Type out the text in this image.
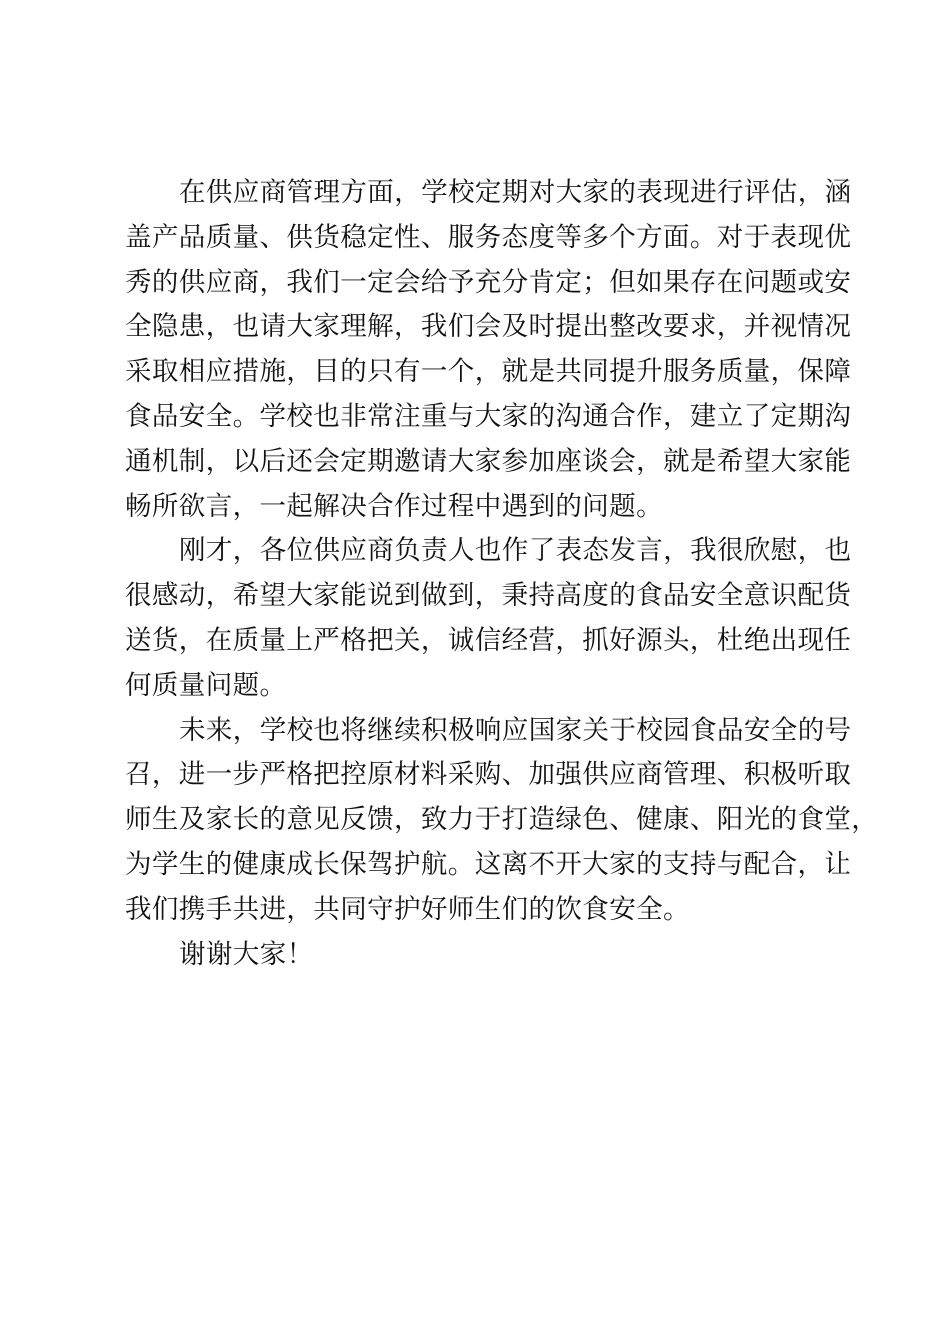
在供应商管理方面，学校定期对大家的表现进行评估，涵
盖产品质量、供货稳定性、服务态度等多个方面。对于表现优
秀的供应商，我们一定会给予充分肯定；但如果存在问题或安
全隐患，也请大家理解，我们会及时提出整改要求，并视情况
采取相应措施，目的只有一个，就是共同提升服务质量，保障
食品安全。学校也非常注重与大家的沟通合作，建立了定期沟
通机制，以后还会定期邀请大家参加座谈会，就是希望大家能
畅所欲言，一起解决合作过程中遇到的问题。
刚才，各位供应商负责人也作了表态发言，我很欣慰，也
很感动，希望大家能说到做到，秉持高度的食品安全意识配货
送货，在质量上严格把关，诚信经营，抓好源头，杜绝出现任
何质量问题。
未来，学校也将继续积极响应国家关于校园食品安全的号
召，进一步严格把控原材料采购、加强供应商管理、积极听取
师生及家长的意见反馈，致力于打造绿色、健康、阳光的食堂，
为学生的健康成长保驾护航。这离不开大家的支持与配合，让
我们携手共进，共同守护好师生们的饮食安全。
谢谢大家！
